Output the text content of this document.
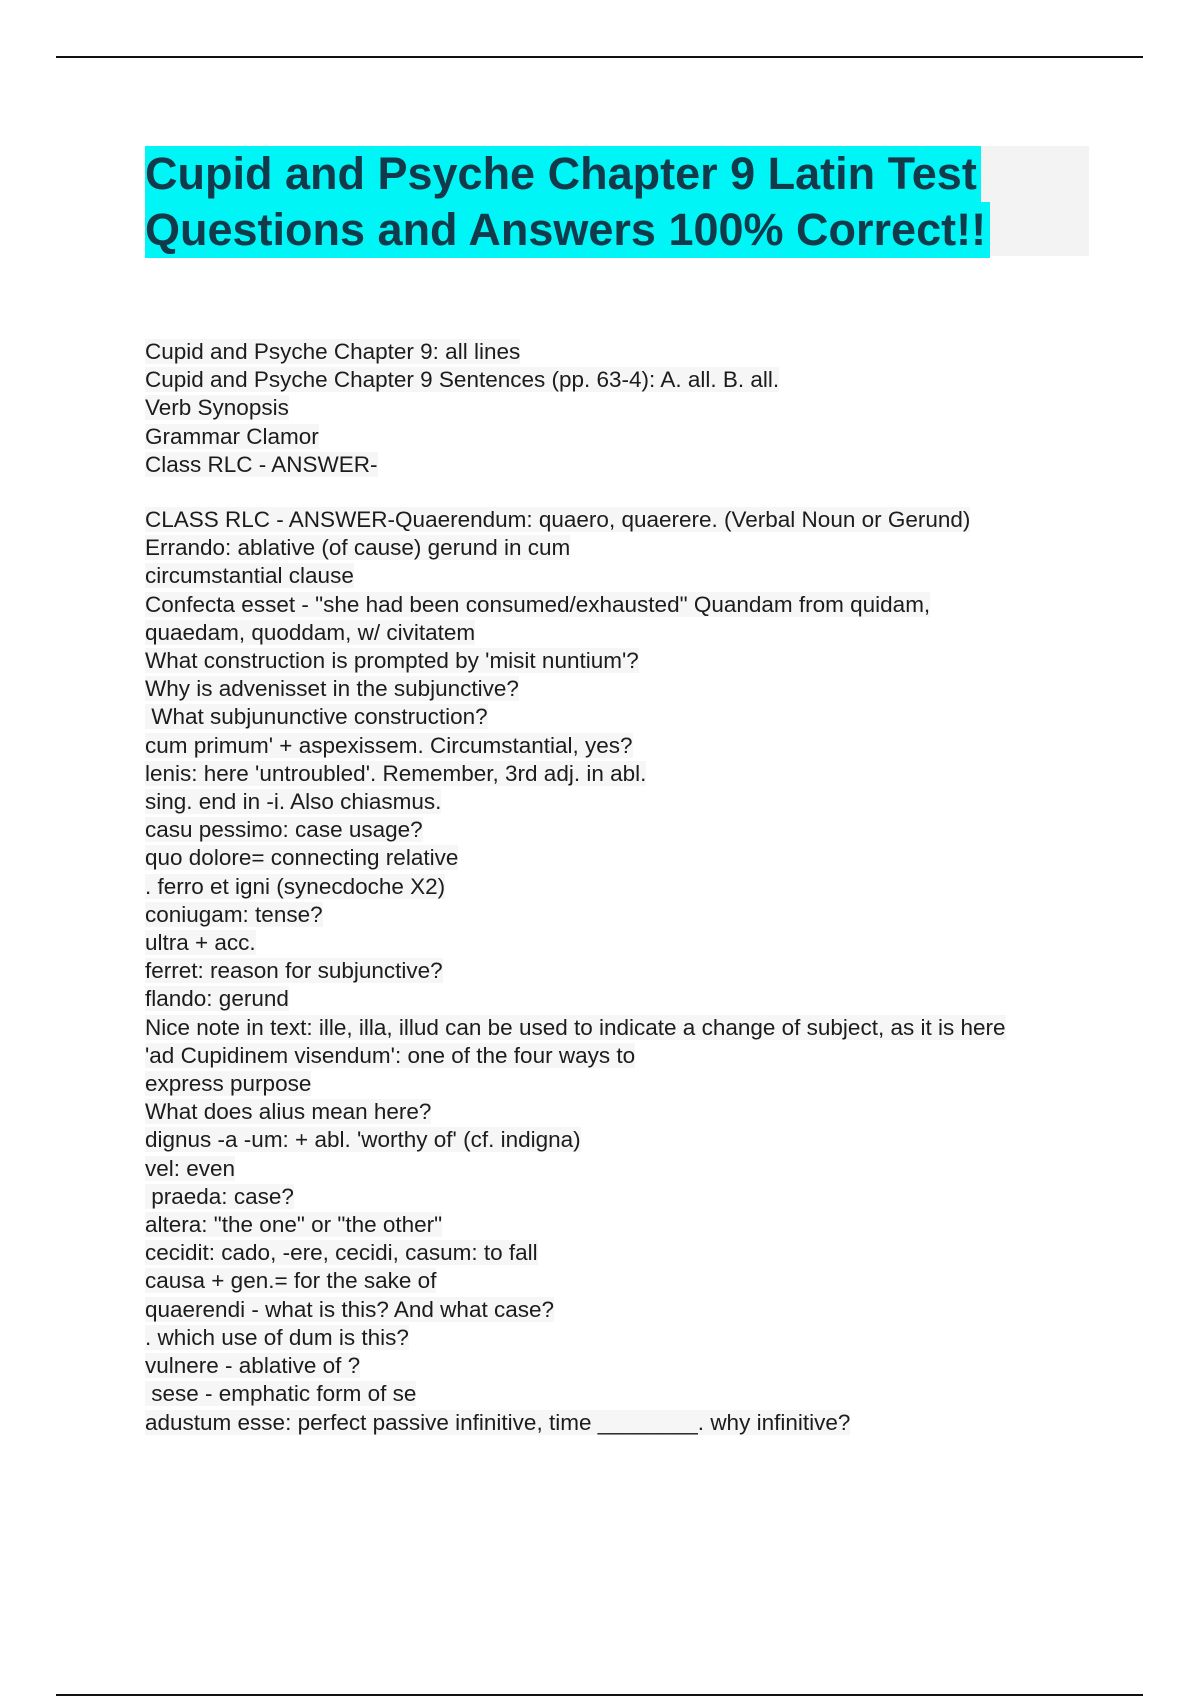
Cupid and Psyche Chapter 9 Latin Test
Questions and Answers 100% Correct!!
Cupid and Psyche Chapter 9: all lines
Cupid and Psyche Chapter 9 Sentences (pp. 63-4): A. all. B. all.
Verb Synopsis
Grammar Clamor
Class RLC - ANSWER-
CLASS RLC - ANSWER-Quaerendum: quaero, quaerere. (Verbal Noun or Gerund)
Errando: ablative (of cause) gerund in cum
circumstantial clause
Confecta esset - "she had been consumed/exhausted" Quandam from quidam,
quaedam, quoddam, w/ civitatem
What construction is prompted by 'misit nuntium'?
Why is advenisset in the subjunctive?
What subjununctive construction?
cum primum' + aspexissem. Circumstantial, yes?
lenis: here 'untroubled'. Remember, 3rd adj. in abl.
sing. end in -i. Also chiasmus.
casu pessimo: case usage?
quo dolore= connecting relative
. ferro et igni (synecdoche X2)
coniugam: tense?
ultra + acc.
ferret: reason for subjunctive?
flando: gerund
Nice note in text: ille, illa, illud can be used to indicate a change of subject, as it is here
'ad Cupidinem visendum': one of the four ways to
express purpose
What does alius mean here?
dignus -a -um: + abl. 'worthy of' (cf. indigna)
vel: even
praeda: case?
altera: "the one" or "the other"
cecidit: cado, -ere, cecidi, casum: to fall
causa + gen.= for the sake of
quaerendi - what is this? And what case?
. which use of dum is this?
vulnere - ablative of ?
sese - emphatic form of se
adustum esse: perfect passive infinitive, time ________. why infinitive?
